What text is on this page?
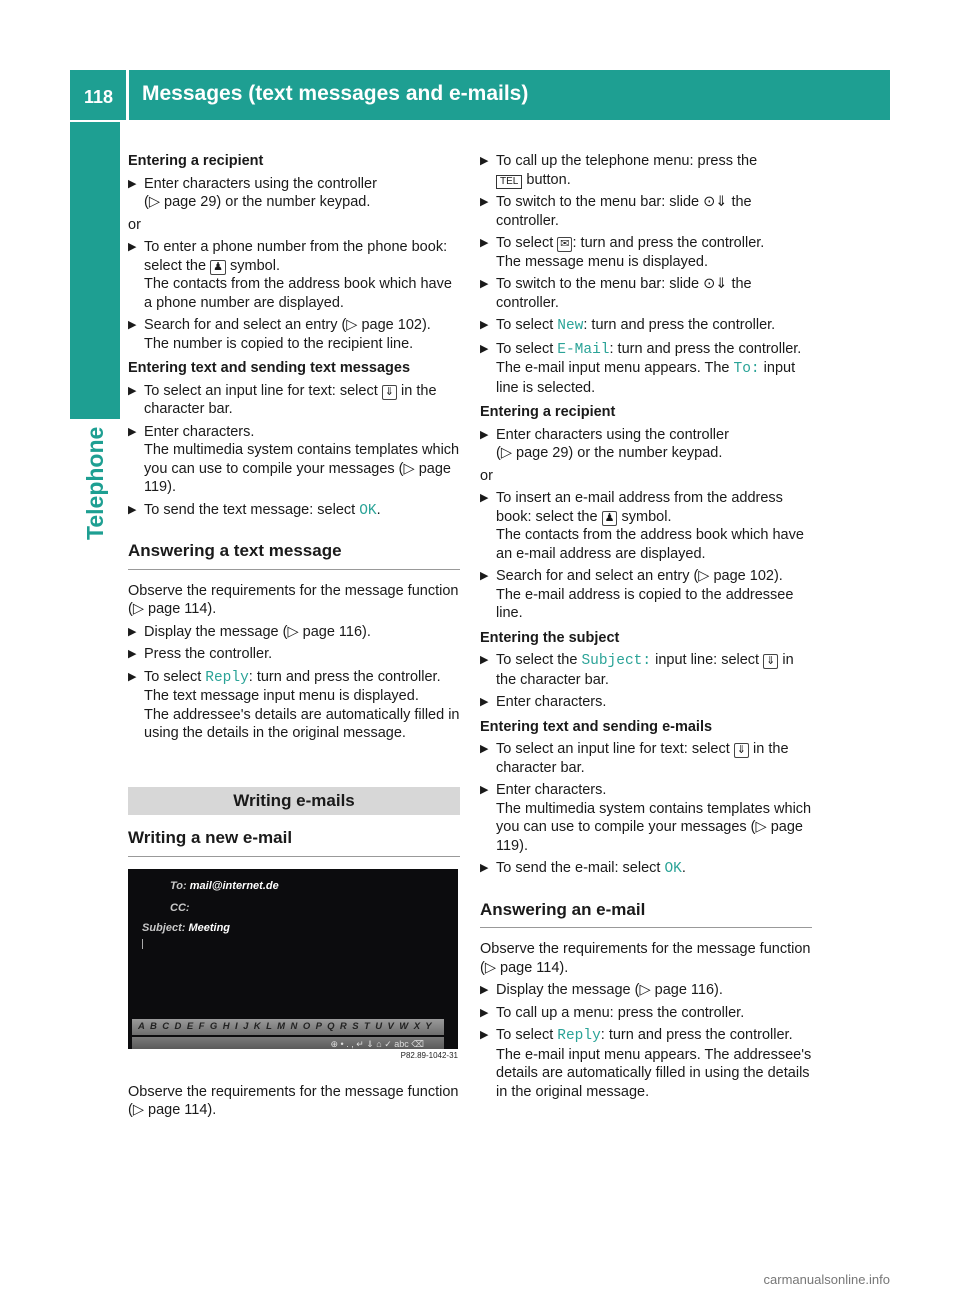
118 Messages (text messages and e-mails)
Telephone
Entering a recipient
▶ Enter characters using the controller
(▷ page 29) or the number keypad.
or
▶ To enter a phone number from the phone book: select the ♟ symbol.
The contacts from the address book which have a phone number are displayed.
▶ Search for and select an entry (▷ page 102).
The number is copied to the recipient line.
Entering text and sending text messages
▶ To select an input line for text: select ⇓ in the character bar.
▶ Enter characters.
The multimedia system contains templates which you can use to compile your messages (▷ page 119).
▶ To send the text message: select OK.
Answering a text message
Observe the requirements for the message function (▷ page 114).
▶ Display the message (▷ page 116).
▶ Press the controller.
▶ To select Reply: turn and press the controller.
The text message input menu is displayed.
The addressee's details are automatically filled in using the details in the original message.
Writing e-mails
Writing a new e-mail
To: mail@internet.de
CC:
Subject: Meeting
A B C D E F G H I J K L M N O P Q R S T U V W X Y
⊕ • . , ↵ ⇓ ⌂ ✓ abc ⌫
P82.89-1042-31
Observe the requirements for the message function (▷ page 114).
▶ To call up the telephone menu: press the
TEL button.
▶ To switch to the menu bar: slide ⊙⇓ the controller.
▶ To select ✉ : turn and press the controller.
The message menu is displayed.
▶ To switch to the menu bar: slide ⊙⇓ the controller.
▶ To select New: turn and press the controller.
▶ To select E-Mail: turn and press the controller.
The e-mail input menu appears. The To: input line is selected.
Entering a recipient
▶ Enter characters using the controller
(▷ page 29) or the number keypad.
or
▶ To insert an e-mail address from the address book: select the ♟ symbol.
The contacts from the address book which have an e-mail address are displayed.
▶ Search for and select an entry (▷ page 102).
The e-mail address is copied to the addressee line.
Entering the subject
▶ To select the Subject: input line: select ⇓ in the character bar.
▶ Enter characters.
Entering text and sending e-mails
▶ To select an input line for text: select ⇓ in the character bar.
▶ Enter characters.
The multimedia system contains templates which you can use to compile your messages (▷ page 119).
▶ To send the e-mail: select OK.
Answering an e-mail
Observe the requirements for the message function (▷ page 114).
▶ Display the message (▷ page 116).
▶ To call up a menu: press the controller.
▶ To select Reply: turn and press the controller.
The e-mail input menu appears. The addressee's details are automatically filled in using the details in the original message.
carmanualsonline.info
